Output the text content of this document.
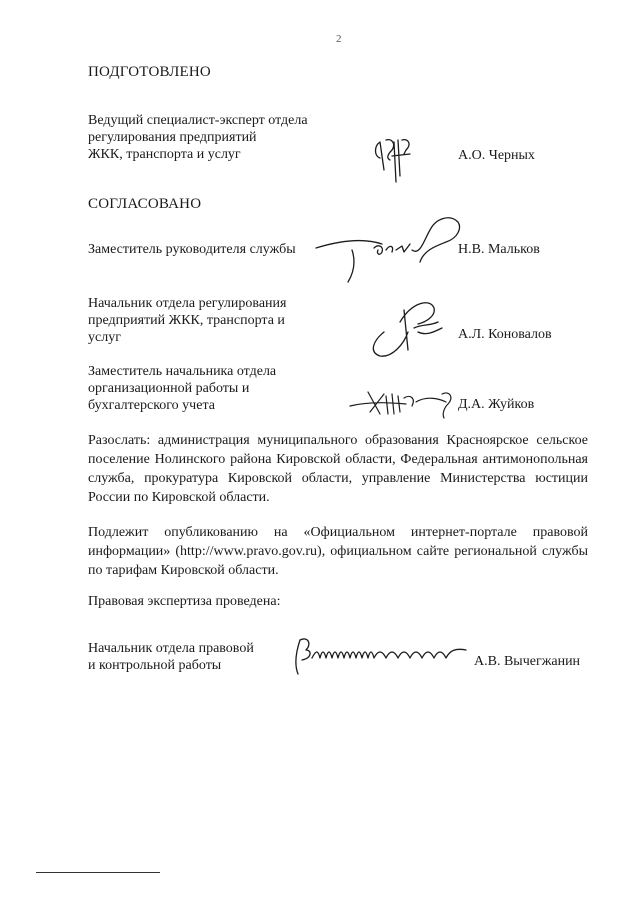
2
ПОДГОТОВЛЕНО
Ведущий специалист-эксперт отдела
регулирования предприятий
ЖКК, транспорта и услуг	А.О. Черных
СОГЛАСОВАНО
Заместитель руководителя службы	Н.В. Мальков
Начальник отдела регулирования
предприятий ЖКК, транспорта и
услуг	А.Л. Коновалов
Заместитель начальника отдела
организационной работы и
бухгалтерского учета	Д.А. Жуйков
Разослать: администрация муниципального образования Красноярское сельское поселение Нолинского района Кировской области, Федеральная антимонопольная служба, прокуратура Кировской области, управление Министерства юстиции России по Кировской области.
Подлежит опубликованию на «Официальном интернет-портале правовой информации» (http://www.pravo.gov.ru), официальном сайте региональной службы по тарифам Кировской области.
Правовая экспертиза проведена:
Начальник отдела правовой
и контрольной работы	А.В. Вычегжанин
